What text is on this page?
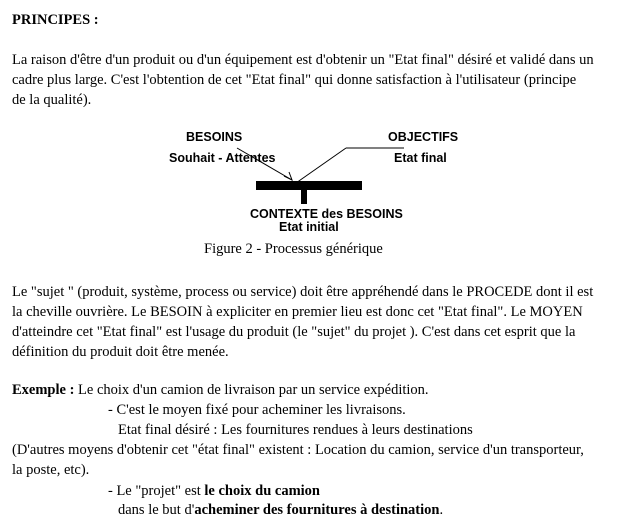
PRINCIPES :
La raison d'être d'un produit ou d'un équipement est d'obtenir un "Etat final" désiré et validé dans un
cadre plus large. C'est l'obtention de cet "Etat final" qui donne satisfaction à l'utilisateur (principe
de la qualité).
BESOINS
Souhait - Attentes
OBJECTIFS
Etat final
CONTEXTE des BESOINS
Etat initial
Figure 2 - Processus générique
Le "sujet " (produit, système, process ou service) doit être appréhendé dans le PROCEDE dont il est
la cheville ouvrière. Le BESOIN à expliciter en premier lieu est donc cet "Etat final". Le MOYEN
d'atteindre cet "Etat final" est l'usage du produit (le "sujet" du projet ). C'est dans cet esprit que la
définition du produit doit être menée.
Exemple : Le choix d'un camion de livraison par un service expédition.
- C'est le moyen fixé pour acheminer les livraisons.
Etat final désiré : Les fournitures rendues à leurs destinations
(D'autres moyens d'obtenir cet "état final" existent : Location du camion, service d'un transporteur,
la poste, etc).
- Le "projet" est le choix du camion
dans le but d'acheminer des fournitures à destination.
